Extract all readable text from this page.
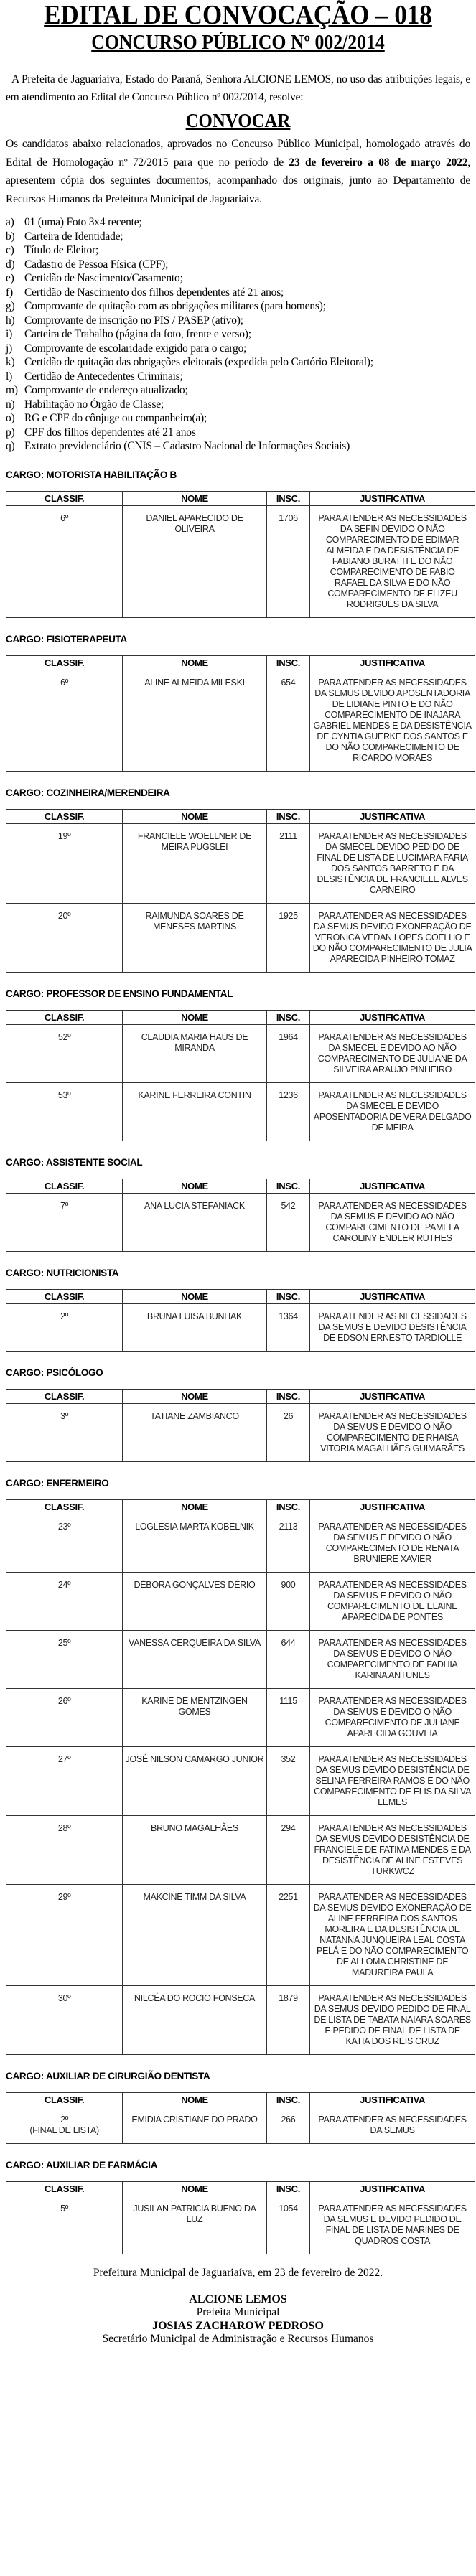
EDITAL DE CONVOCAÇÃO – 018
CONCURSO PÚBLICO Nº 002/2014

A Prefeita de Jaguariaíva, Estado do Paraná, Senhora ALCIONE LEMOS, no uso das atribuições legais, e em atendimento ao Edital de Concurso Público nº 002/2014, resolve:

CONVOCAR

Os candidatos abaixo relacionados, aprovados no Concurso Público Municipal, homologado através do Edital de Homologação nº 72/2015 para que no período de 23 de fevereiro a 08 de março 2022, apresentem cópia dos seguintes documentos, acompanhado dos originais, junto ao Departamento de Recursos Humanos da Prefeitura Municipal de Jaguariaíva.

a) 01 (uma) Foto 3x4 recente;
b) Carteira de Identidade;
c) Título de Eleitor;
d) Cadastro de Pessoa Física (CPF);
e) Certidão de Nascimento/Casamento;
f)	Certidão de Nascimento dos filhos dependentes até 21 anos;
g) Comprovante de quitação com as obrigações militares (para homens);
h) Comprovante de inscrição no PIS / PASEP (ativo);
i)	Carteira de Trabalho (página da foto, frente e verso);
j)	Comprovante de escolaridade exigido para o cargo;
k) Certidão de quitação das obrigações eleitorais (expedida pelo Cartório Eleitoral);
l)	Certidão de Antecedentes Criminais;
m) Comprovante de endereço atualizado;
n) Habilitação no Órgão de Classe;
o) RG e CPF do cônjuge ou companheiro(a);
p) CPF dos filhos dependentes até 21 anos
q) Extrato previdenciário (CNIS – Cadastro Nacional de Informações Sociais)
CARGO: MOTORISTA HABILITAÇÃO B
CLASSIF.	NOME	INSC.	JUSTIFICATIVA

6º	DANIEL APARECIDO DE OLIVEIRA	1706	PARA ATENDER AS NECESSIDADES DA SEFIN DEVIDO O NÃO COMPARECIMENTO DE EDIMAR ALMEIDA E DA DESISTÊNCIA DE FABIANO BURATTI E DO NÃO COMPARECIMENTO DE FABIO RAFAEL DA SILVA E DO NÃO COMPARECIMENTO DE ELIZEU RODRIGUES DA SILVA
CARGO: FISIOTERAPEUTA
CLASSIF.	NOME	INSC.	JUSTIFICATIVA

6º	ALINE ALMEIDA MILESKI	654	PARA ATENDER AS NECESSIDADES DA SEMUS DEVIDO APOSENTADORIA DE LIDIANE PINTO E DO NÃO COMPARECIMENTO DE INAJARA GABRIEL MENDES E DA DESISTÊNCIA DE CYNTIA GUERKE DOS SANTOS E DO NÃO COMPARECIMENTO DE RICARDO MORAES
CARGO: COZINHEIRA/MERENDEIRA
CLASSIF.	NOME	INSC.	JUSTIFICATIVA

19º	FRANCIELE WOELLNER DE MEIRA PUGSLEI	2111	PARA ATENDER AS NECESSIDADES DA SMECEL DEVIDO PEDIDO DE FINAL DE LISTA DE LUCIMARA FARIA DOS SANTOS BARRETO E DA DESISTÊNCIA DE FRANCIELE ALVES CARNEIRO

20º	RAIMUNDA SOARES DE MENESES MARTINS	1925	PARA ATENDER AS NECESSIDADES DA SEMUS DEVIDO EXONERAÇÃO DE VERONICA VEDAN LOPES COELHO E DO NÃO COMPARECIMENTO DE JULIA APARECIDA PINHEIRO TOMAZ
CARGO: PROFESSOR DE ENSINO FUNDAMENTAL
CLASSIF.	NOME	INSC.	JUSTIFICATIVA

52º	CLAUDIA MARIA HAUS DE MIRANDA	1964	PARA ATENDER AS NECESSIDADES DA SMECEL E DEVIDO AO NÃO COMPARECIMENTO DE JULIANE DA SILVEIRA ARAUJO PINHEIRO

53º	KARINE FERREIRA CONTIN	1236	PARA ATENDER AS NECESSIDADES DA SMECEL E DEVIDO APOSENTADORIA DE VERA DELGADO DE MEIRA
CARGO: ASSISTENTE SOCIAL
CLASSIF.	NOME	INSC.	JUSTIFICATIVA

7º	ANA LUCIA STEFANIACK	542	PARA ATENDER AS NECESSIDADES DA SEMUS E DEVIDO AO NÃO COMPARECIMENTO DE PAMELA CAROLINY ENDLER RUTHES
CARGO: NUTRICIONISTA
CLASSIF.	NOME	INSC.	JUSTIFICATIVA

2º	BRUNA LUISA BUNHAK	1364	PARA ATENDER AS NECESSIDADES DA SEMUS E DEVIDO DESISTÊNCIA DE EDSON ERNESTO TARDIOLLE
CARGO: PSICÓLOGO
CLASSIF.	NOME	INSC.	JUSTIFICATIVA

3º	TATIANE ZAMBIANCO	26	PARA ATENDER AS NECESSIDADES DA SEMUS E DEVIDO O NÃO COMPARECIMENTO DE RHAISA VITORIA MAGALHÃES GUIMARÃES
CARGO: ENFERMEIRO
CLASSIF.	NOME	INSC.	JUSTIFICATIVA

23º	LOGLESIA MARTA KOBELNIK	2113	PARA ATENDER AS NECESSIDADES DA SEMUS E DEVIDO O NÃO COMPARECIMENTO DE RENATA BRUNIERE XAVIER

24º	DÉBORA GONÇALVES DÉRIO	900	PARA ATENDER AS NECESSIDADES DA SEMUS E DEVIDO O NÃO COMPARECIMENTO DE ELAINE APARECIDA DE PONTES

25º	VANESSA CERQUEIRA DA SILVA	644	PARA ATENDER AS NECESSIDADES DA SEMUS E DEVIDO O NÃO COMPARECIMENTO DE FADHIA KARINA ANTUNES

26º	KARINE DE MENTZINGEN GOMES	1115	PARA ATENDER AS NECESSIDADES DA SEMUS E DEVIDO O NÃO COMPARECIMENTO DE JULIANE APARECIDA GOUVEIA

27º	JOSÉ NILSON CAMARGO JUNIOR	352	PARA ATENDER AS NECESSIDADES DA SEMUS DEVIDO DESISTÊNCIA DE SELINA FERREIRA RAMOS E DO NÃO COMPARECIMENTO DE ELIS DA SILVA LEMES

28º	BRUNO MAGALHÃES	294	PARA ATENDER AS NECESSIDADES DA SEMUS DEVIDO DESISTÊNCIA DE FRANCIELE DE FATIMA MENDES E DA DESISTÊNCIA DE ALINE ESTEVES TURKWCZ

29º	MAKCINE TIMM DA SILVA	2251	PARA ATENDER AS NECESSIDADES DA SEMUS DEVIDO EXONERAÇÃO DE ALINE FERREIRA DOS SANTOS MOREIRA E DA DESISTÊNCIA DE NATANNA JUNQUEIRA LEAL COSTA PELÁ E DO NÃO COMPARECIMENTO DE ALLOMA CHRISTINE DE MADUREIRA PAULA

30º	NILCÉA DO ROCIO FONSECA	1879	PARA ATENDER AS NECESSIDADES DA SEMUS DEVIDO PEDIDO DE FINAL DE LISTA DE TABATA NAIARA SOARES E PEDIDO DE FINAL DE LISTA DE KATIA DOS REIS CRUZ
CARGO: AUXILIAR DE CIRURGIÃO DENTISTA
CLASSIF.	NOME	INSC.	JUSTIFICATIVA

2º
(FINAL DE LISTA)	EMIDIA CRISTIANE DO PRADO	266	PARA ATENDER AS NECESSIDADES DA SEMUS
CARGO: AUXILIAR DE FARMÁCIA
CLASSIF.	NOME	INSC.	JUSTIFICATIVA

5º	JUSILAN PATRICIA BUENO DA LUZ	1054	PARA ATENDER AS NECESSIDADES DA SEMUS E DEVIDO PEDIDO DE FINAL DE LISTA DE MARINES DE QUADROS COSTA
Prefeitura Municipal de Jaguariaíva, em 23 de fevereiro de 2022.
ALCIONE LEMOS
Prefeita Municipal
JOSIAS ZACHAROW PEDROSO
Secretário Municipal de Administração e Recursos Humanos
